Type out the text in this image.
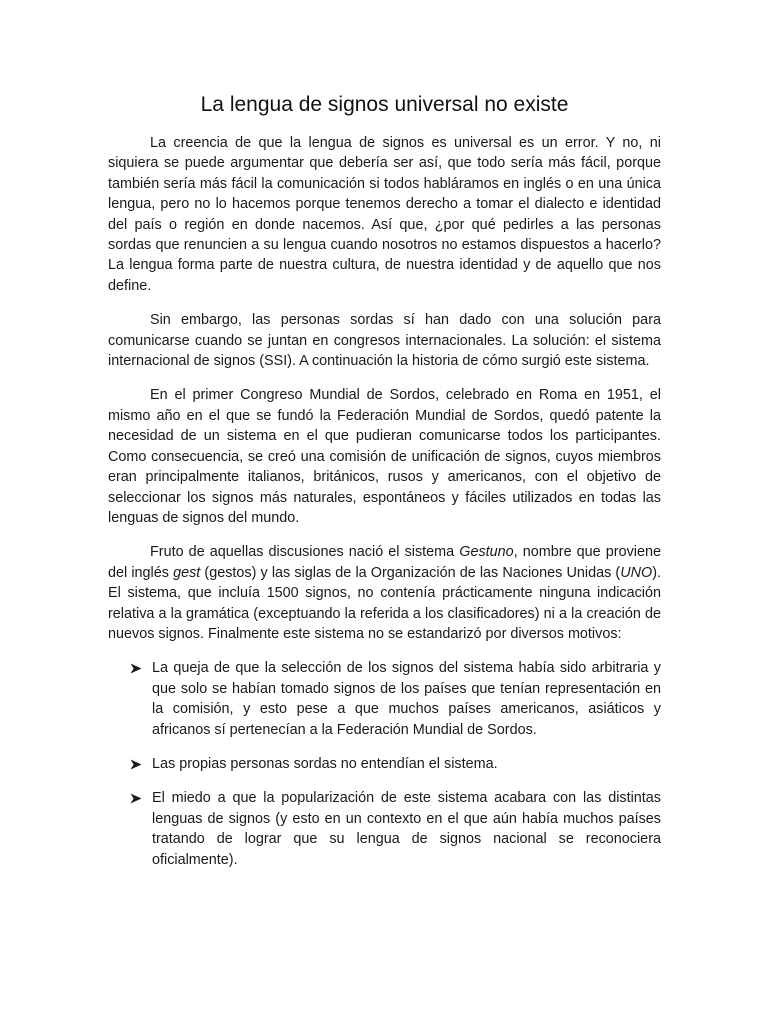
La lengua de signos universal no existe

La creencia de que la lengua de signos es universal es un error. Y no, ni siquiera se puede argumentar que debería ser así, que todo sería más fácil, porque también sería más fácil la comunicación si todos habláramos en inglés o en una única lengua, pero no lo hacemos porque tenemos derecho a tomar el dialecto e identidad del país o región en donde nacemos. Así que, ¿por qué pedirles a las personas sordas que renuncien a su lengua cuando nosotros no estamos dispuestos a hacerlo? La lengua forma parte de nuestra cultura, de nuestra identidad y de aquello que nos define.

Sin embargo, las personas sordas sí han dado con una solución para comunicarse cuando se juntan en congresos internacionales. La solución: el sistema internacional de signos (SSI). A continuación la historia de cómo surgió este sistema.

En el primer Congreso Mundial de Sordos, celebrado en Roma en 1951, el mismo año en el que se fundó la Federación Mundial de Sordos, quedó patente la necesidad de un sistema en el que pudieran comunicarse todos los participantes. Como consecuencia, se creó una comisión de unificación de signos, cuyos miembros eran principalmente italianos, británicos, rusos y americanos, con el objetivo de seleccionar los signos más naturales, espontáneos y fáciles utilizados en todas las lenguas de signos del mundo.

Fruto de aquellas discusiones nació el sistema Gestuno, nombre que proviene del inglés gest (gestos) y las siglas de la Organización de las Naciones Unidas (UNO). El sistema, que incluía 1500 signos, no contenía prácticamente ninguna indicación relativa a la gramática (exceptuando la referida a los clasificadores) ni a la creación de nuevos signos. Finalmente este sistema no se estandarizó por diversos motivos:

La queja de que la selección de los signos del sistema había sido arbitraria y que solo se habían tomado signos de los países que tenían representación en la comisión, y esto pese a que muchos países americanos, asiáticos y africanos sí pertenecían a la Federación Mundial de Sordos.
Las propias personas sordas no entendían el sistema.
El miedo a que la popularización de este sistema acabara con las distintas lenguas de signos (y esto en un contexto en el que aún había muchos países tratando de lograr que su lengua de signos nacional se reconociera oficialmente).
